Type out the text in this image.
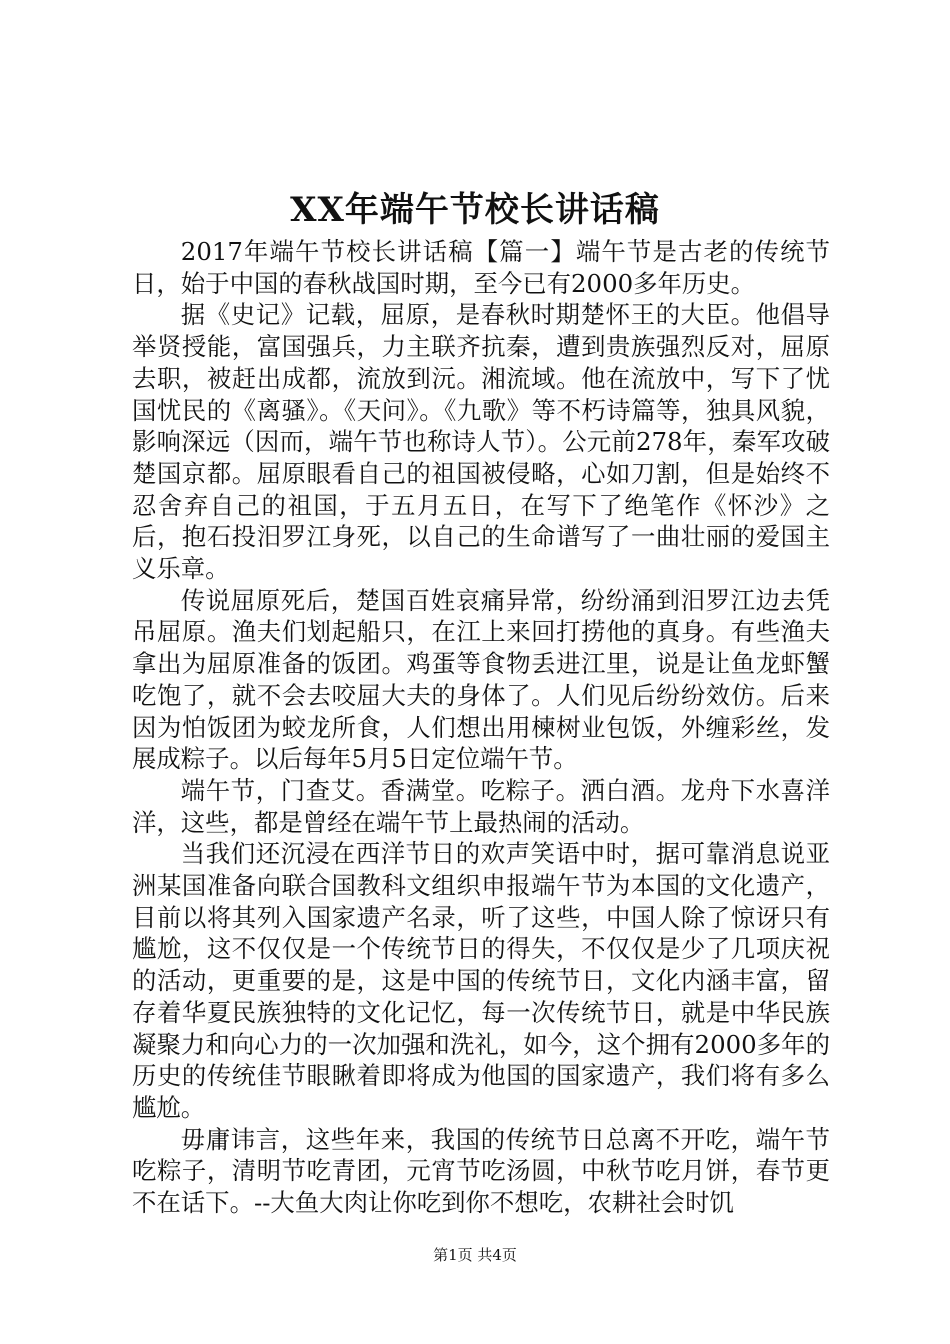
XX年端午节校长讲话稿

2017年端午节校长讲话稿【篇一】端午节是古老的传统节日，始于中国的春秋战国时期，至今已有2000多年历史。

据《史记》记载，屈原，是春秋时期楚怀王的大臣。他倡导举贤授能，富国强兵，力主联齐抗秦，遭到贵族强烈反对，屈原去职，被赶出成都，流放到沅。湘流域。他在流放中，写下了忧国忧民的《离骚》。《天问》。《九歌》等不朽诗篇等，独具风貌，影响深远（因而，端午节也称诗人节）。公元前278年，秦军攻破楚国京都。屈原眼看自己的祖国被侵略，心如刀割，但是始终不忍舍弃自己的祖国，于五月五日，在写下了绝笔作《怀沙》之后，抱石投汨罗江身死，以自己的生命谱写了一曲壮丽的爱国主义乐章。

传说屈原死后，楚国百姓哀痛异常，纷纷涌到汨罗江边去凭吊屈原。渔夫们划起船只，在江上来回打捞他的真身。有些渔夫拿出为屈原准备的饭团。鸡蛋等食物丢进江里，说是让鱼龙虾蟹吃饱了，就不会去咬屈大夫的身体了。人们见后纷纷效仿。后来因为怕饭团为蛟龙所食，人们想出用楝树业包饭，外缠彩丝，发展成粽子。以后每年5月5日定位端午节。

端午节，门查艾。香满堂。吃粽子。洒白酒。龙舟下水喜洋洋，这些，都是曾经在端午节上最热闹的活动。

当我们还沉浸在西洋节日的欢声笑语中时，据可靠消息说亚洲某国准备向联合国教科文组织申报端午节为本国的文化遗产，目前以将其列入国家遗产名录，听了这些，中国人除了惊讶只有尴尬，这不仅仅是一个传统节日的得失，不仅仅是少了几项庆祝的活动，更重要的是，这是中国的传统节日，文化内涵丰富，留存着华夏民族独特的文化记忆，每一次传统节日，就是中华民族凝聚力和向心力的一次加强和洗礼，如今，这个拥有2000多年的历史的传统佳节眼瞅着即将成为他国的国家遗产，我们将有多么尴尬。

毋庸讳言，这些年来，我国的传统节日总离不开吃，端午节吃粽子，清明节吃青团，元宵节吃汤圆，中秋节吃月饼，春节更不在话下。--大鱼大肉让你吃到你不想吃，农耕社会时饥

第1页 共4页
